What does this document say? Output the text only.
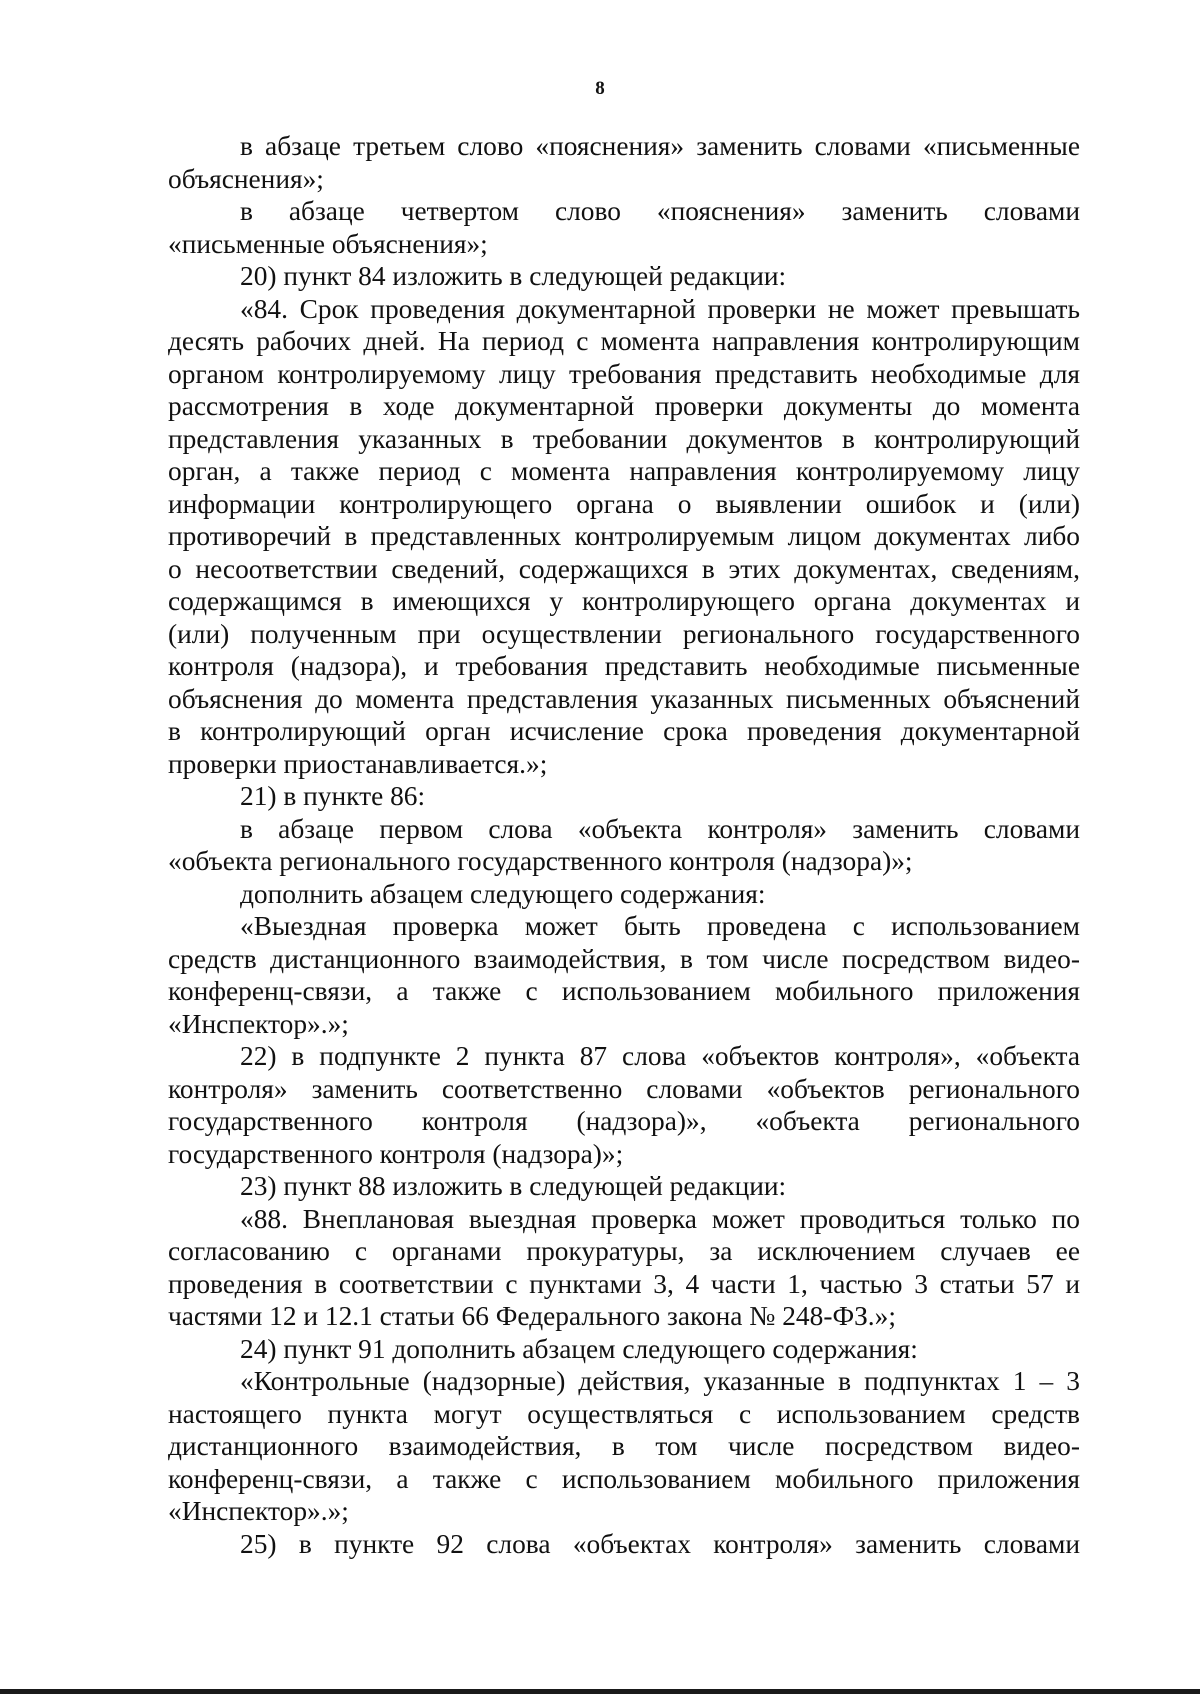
8
в абзаце третьем слово «пояснения» заменить словами «письменные
объяснения»;
в абзаце четвертом слово «пояснения» заменить словами
«письменные объяснения»;
20) пункт 84 изложить в следующей редакции:
«84. Срок проведения документарной проверки не может превышать
десять рабочих дней. На период с момента направления контролирующим
органом контролируемому лицу требования представить необходимые для
рассмотрения в ходе документарной проверки документы до момента
представления указанных в требовании документов в контролирующий
орган, а также период с момента направления контролируемому лицу
информации контролирующего органа о выявлении ошибок и (или)
противоречий в представленных контролируемым лицом документах либо
о несоответствии сведений, содержащихся в этих документах, сведениям,
содержащимся в имеющихся у контролирующего органа документах и
(или) полученным при осуществлении регионального государственного
контроля (надзора), и требования представить необходимые письменные
объяснения до момента представления указанных письменных объяснений
в контролирующий орган исчисление срока проведения документарной
проверки приостанавливается.»;
21) в пункте 86:
в абзаце первом слова «объекта контроля» заменить словами
«объекта регионального государственного контроля (надзора)»;
дополнить абзацем следующего содержания:
«Выездная проверка может быть проведена с использованием
средств дистанционного взаимодействия, в том числе посредством видео-
конференц-связи, а также с использованием мобильного приложения
«Инспектор».»;
22) в подпункте 2 пункта 87 слова «объектов контроля», «объекта
контроля» заменить соответственно словами «объектов регионального
государственного контроля (надзора)», «объекта регионального
государственного контроля (надзора)»;
23) пункт 88 изложить в следующей редакции:
«88. Внеплановая выездная проверка может проводиться только по
согласованию с органами прокуратуры, за исключением случаев ее
проведения в соответствии с пунктами 3, 4 части 1, частью 3 статьи 57 и
частями 12 и 12.1 статьи 66 Федерального закона № 248-ФЗ.»;
24) пункт 91 дополнить абзацем следующего содержания:
«Контрольные (надзорные) действия, указанные в подпунктах 1 – 3
настоящего пункта могут осуществляться с использованием средств
дистанционного взаимодействия, в том числе посредством видео-
конференц-связи, а также с использованием мобильного приложения
«Инспектор».»;
25) в пункте 92 слова «объектах контроля» заменить словами
